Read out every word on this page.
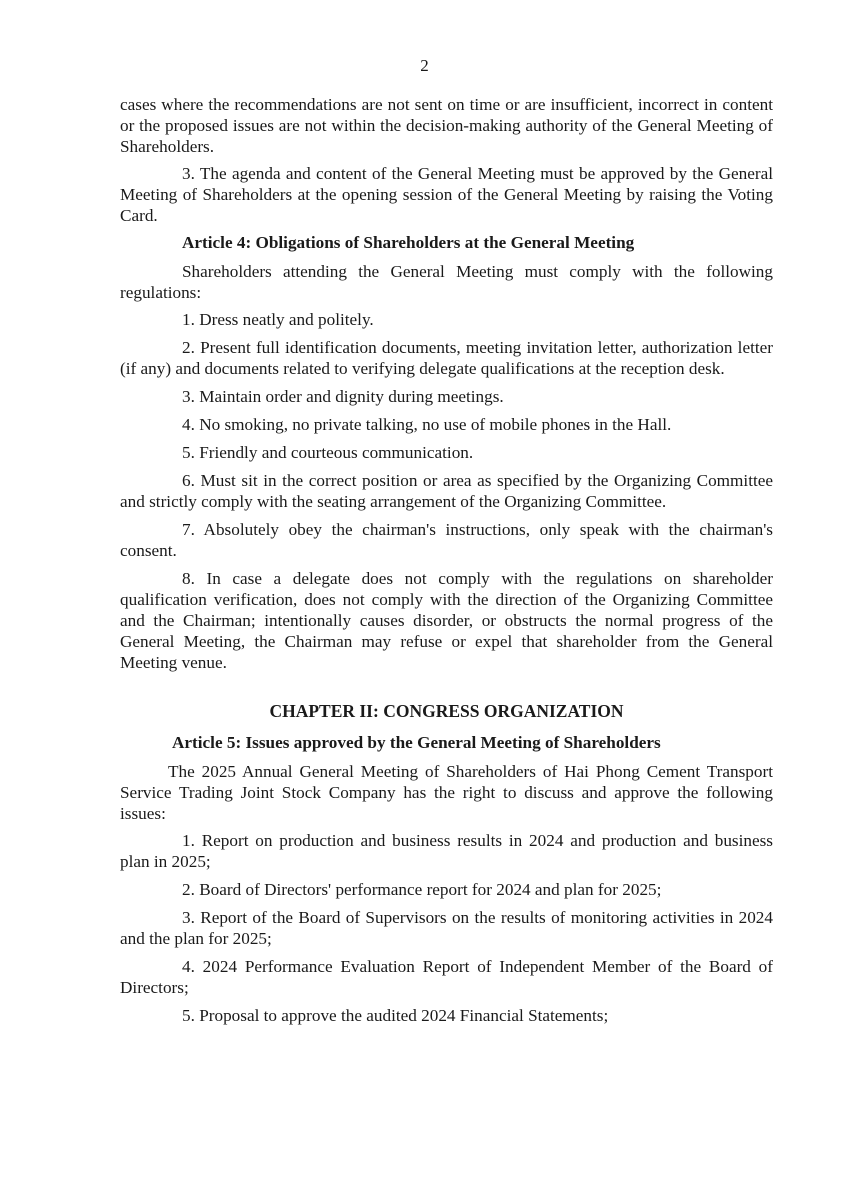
2

cases where the recommendations are not sent on time or are insufficient, incorrect in content or the proposed issues are not within the decision-making authority of the General Meeting of Shareholders.

3. The agenda and content of the General Meeting must be approved by the General Meeting of Shareholders at the opening session of the General Meeting by raising the Voting Card.

Article 4: Obligations of Shareholders at the General Meeting

Shareholders attending the General Meeting must comply with the following regulations:

1. Dress neatly and politely.

2. Present full identification documents, meeting invitation letter, authorization letter (if any) and documents related to verifying delegate qualifications at the reception desk.

3. Maintain order and dignity during meetings.

4. No smoking, no private talking, no use of mobile phones in the Hall.

5. Friendly and courteous communication.

6. Must sit in the correct position or area as specified by the Organizing Committee and strictly comply with the seating arrangement of the Organizing Committee.

7. Absolutely obey the chairman's instructions, only speak with the chairman's consent.

8. In case a delegate does not comply with the regulations on shareholder qualification verification, does not comply with the direction of the Organizing Committee and the Chairman; intentionally causes disorder, or obstructs the normal progress of the General Meeting, the Chairman may refuse or expel that shareholder from the General Meeting venue.

CHAPTER II: CONGRESS ORGANIZATION

Article 5: Issues approved by the General Meeting of Shareholders

The 2025 Annual General Meeting of Shareholders of Hai Phong Cement Transport Service Trading Joint Stock Company has the right to discuss and approve the following issues:

1. Report on production and business results in 2024 and production and business plan in 2025;

2. Board of Directors' performance report for 2024 and plan for 2025;

3. Report of the Board of Supervisors on the results of monitoring activities in 2024 and the plan for 2025;

4. 2024 Performance Evaluation Report of Independent Member of the Board of Directors;

5. Proposal to approve the audited 2024 Financial Statements;
